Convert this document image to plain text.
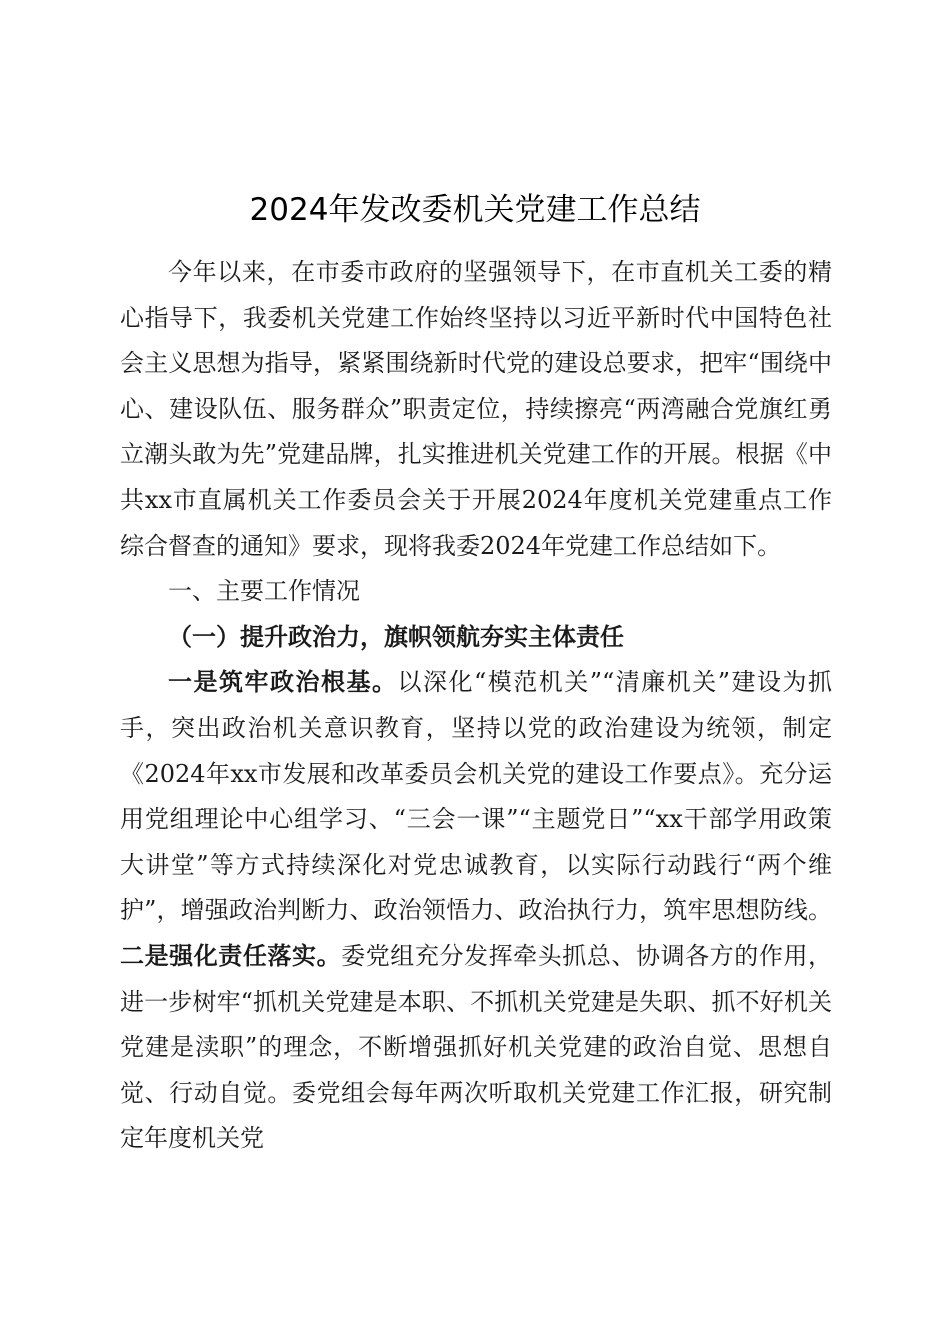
2024年发改委机关党建工作总结

今年以来，在市委市政府的坚强领导下，在市直机关工委的精心指导下，我委机关党建工作始终坚持以习近平新时代中国特色社会主义思想为指导，紧紧围绕新时代党的建设总要求，把牢“围绕中心、建设队伍、服务群众”职责定位，持续擦亮“两湾融合党旗红勇立潮头敢为先”党建品牌，扎实推进机关党建工作的开展。根据《中共xx市直属机关工作委员会关于开展2024年度机关党建重点工作综合督查的通知》要求，现将我委2024年党建工作总结如下。

一、主要工作情况

（一）提升政治力，旗帜领航夯实主体责任

一是筑牢政治根基。以深化“模范机关”“清廉机关”建设为抓手，突出政治机关意识教育，坚持以党的政治建设为统领，制定《2024年xx市发展和改革委员会机关党的建设工作要点》。充分运用党组理论中心组学习、“三会一课”“主题党日”“xx干部学用政策大讲堂”等方式持续深化对党忠诚教育，以实际行动践行“两个维护”，增强政治判断力、政治领悟力、政治执行力，筑牢思想防线。二是强化责任落实。委党组充分发挥牵头抓总、协调各方的作用，进一步树牢“抓机关党建是本职、不抓机关党建是失职、抓不好机关党建是渎职”的理念，不断增强抓好机关党建的政治自觉、思想自觉、行动自觉。委党组会每年两次听取机关党建工作汇报，研究制定年度机关党
